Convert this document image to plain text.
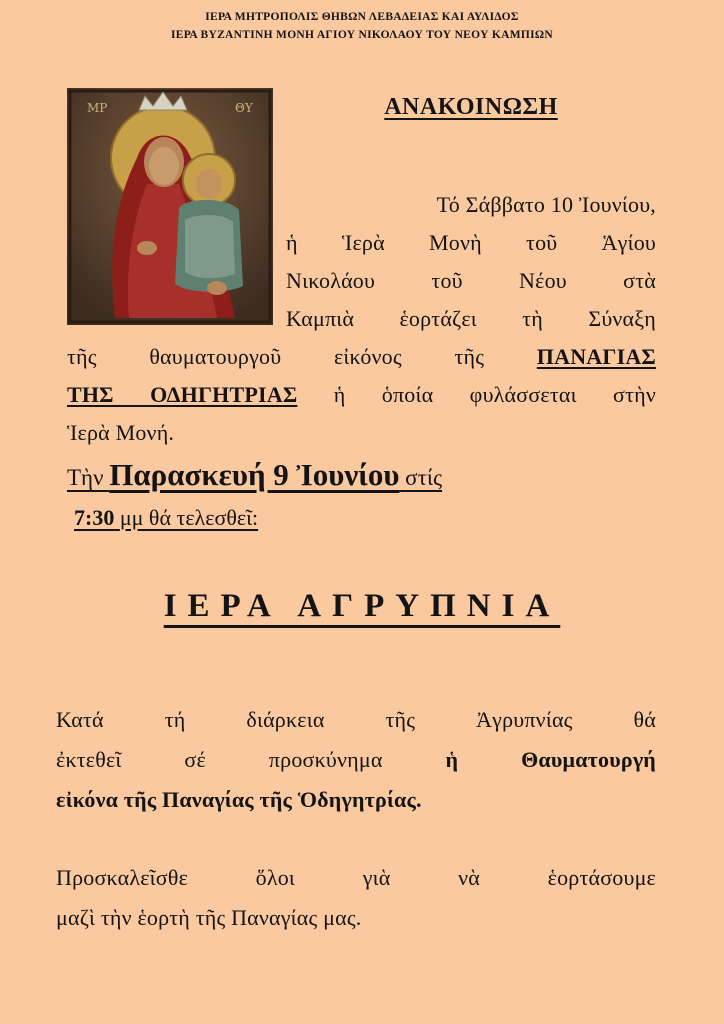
ΙΕΡΑ ΜΗΤΡΟΠΟΛΙΣ ΘΗΒΩΝ ΛΕΒΑΔΕΙΑΣ ΚΑΙ ΑΥΛΙΔΟΣ
ΙΕΡΑ ΒΥΖΑΝΤΙΝΗ ΜΟΝΗ ΑΓΙΟΥ ΝΙΚΟΛΑΟΥ ΤΟΥ ΝΕΟΥ ΚΑΜΠΙΩΝ
ΜΡ	ΘΥ	ΑΝΑΚΟΙΝΩΣΗ
Τό Σάββατο 10 Ἰουνίου,
ἡ Ἱερὰ Μονὴ τοῦ Ἁγίου
Νικολάου τοῦ Νέου στὰ
Καμπιὰ ἑορτάζει τὴ Σύναξη
τῆς θαυματουργοῦ εἰκόνος τῆς ΠΑΝΑΓΙΑΣ
ΤΗΣ ΟΔΗΓΗΤΡΙΑΣ ἡ ὁποία φυλάσσεται στὴν
Ἱερὰ Μονή.
Τὴν Παρασκευή 9 Ἰουνίου στίς
7:30 μμ θά τελεσθεῖ:
ΙΕΡΑ ΑΓΡΥΠΝΙΑ
Κατά τή διάρκεια τῆς Ἀγρυπνίας θά
ἐκτεθεῖ σέ προσκύνημα	ἡ Θαυματουργή
εἰκόνα τῆς Παναγίας τῆς Ὁδηγητρίας.
Προσκαλεῖσθε ὅλοι γιὰ νὰ ἑορτάσουμε
μαζὶ τὴν ἑορτὴ τῆς Παναγίας μας.
